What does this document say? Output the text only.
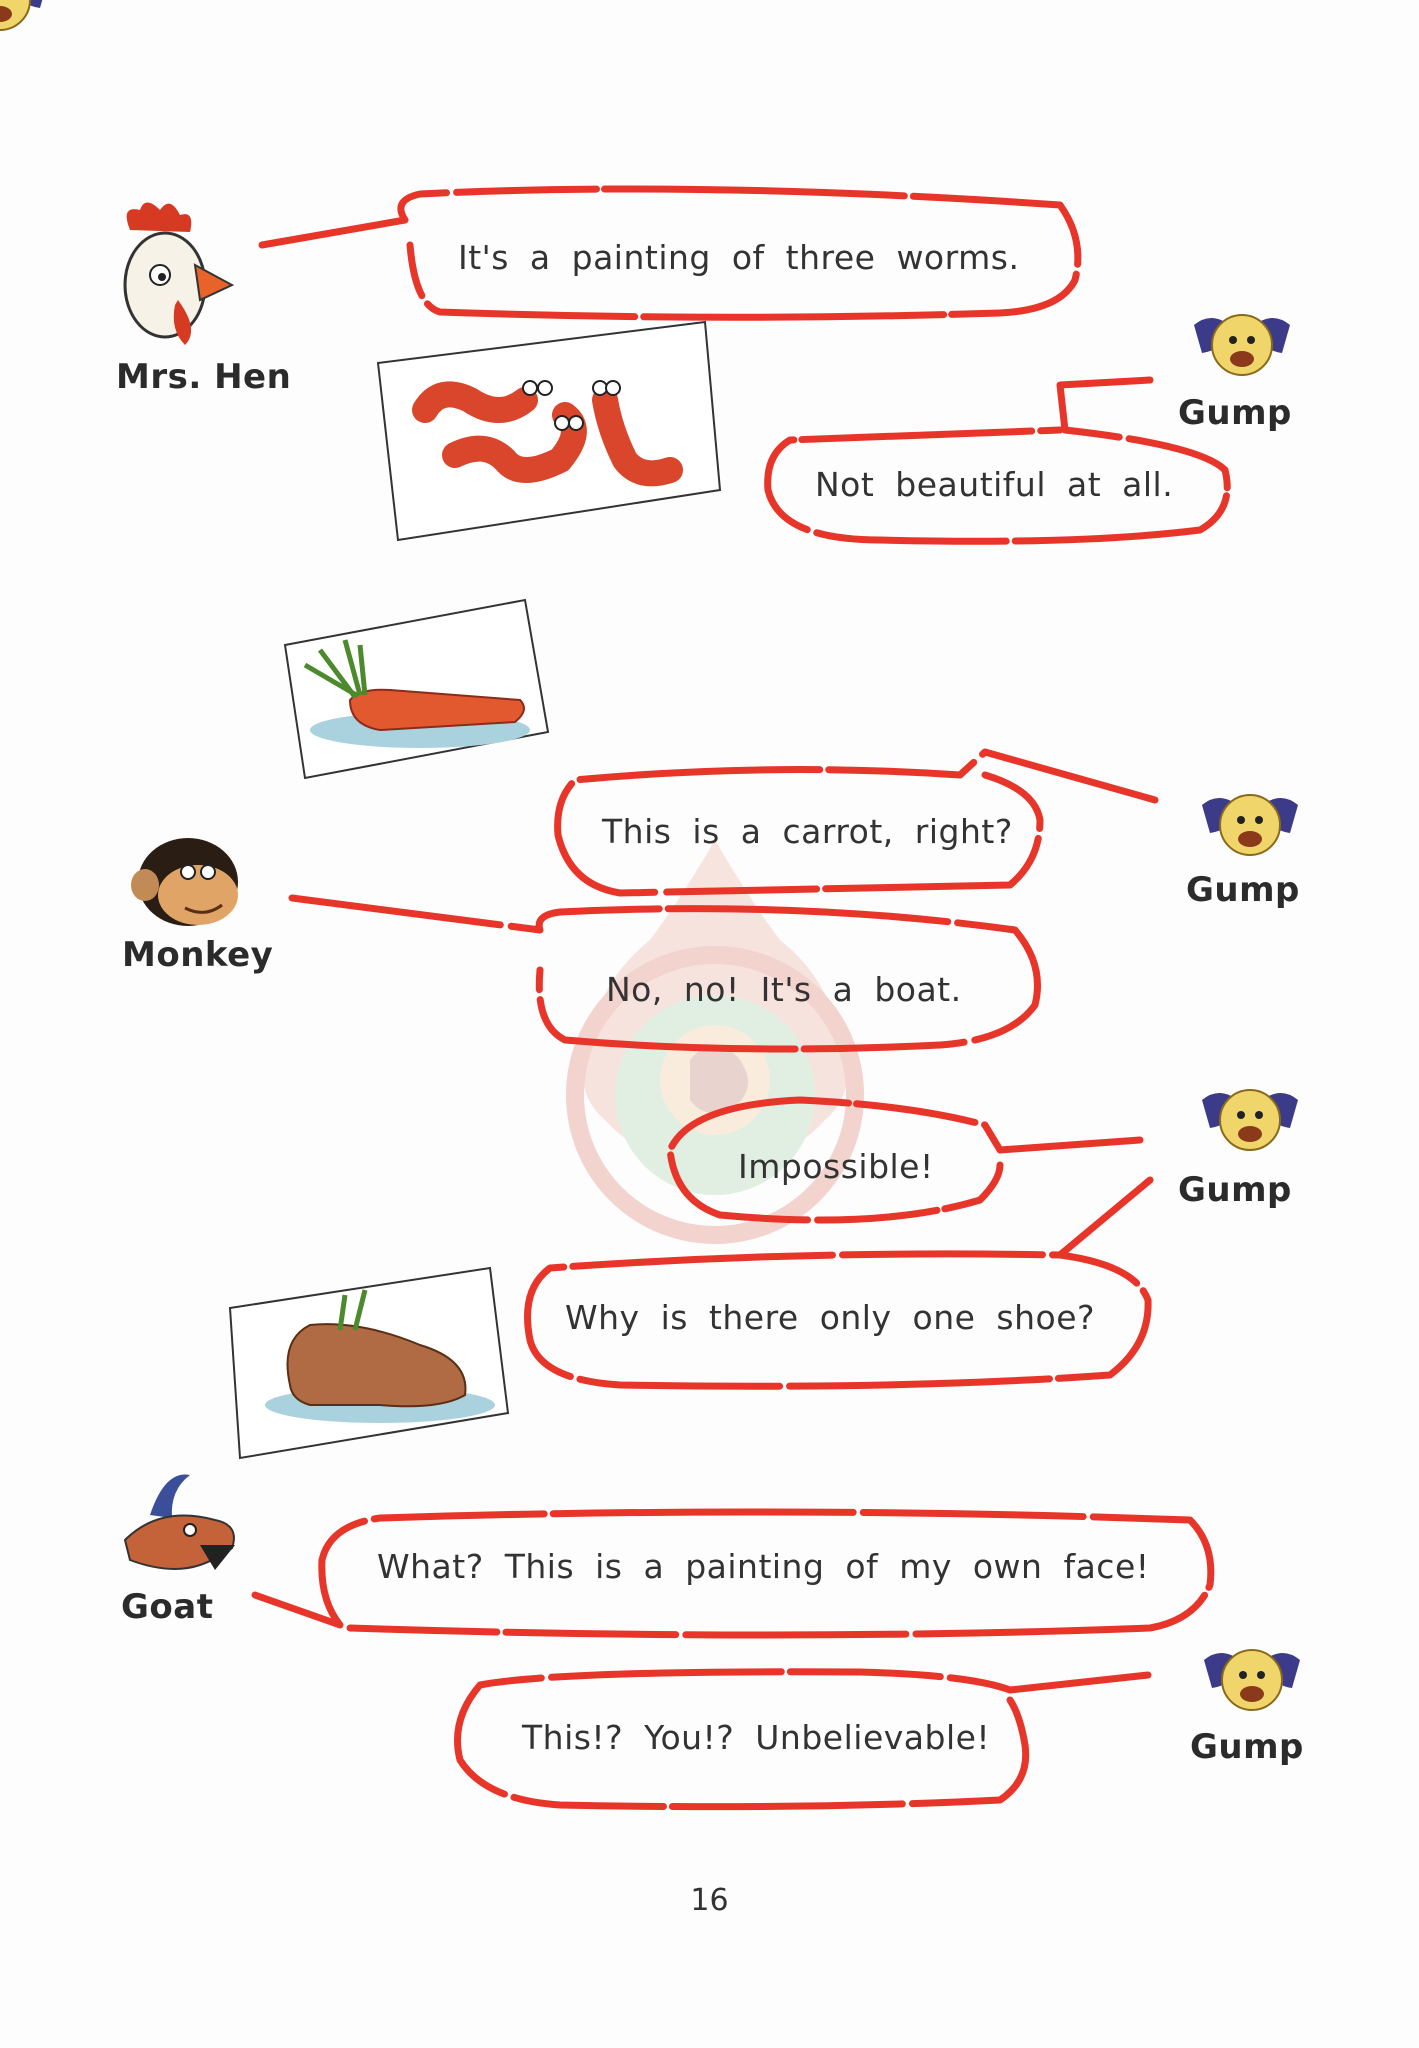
Mrs. Hen
Gump
Gump
Monkey
Gump
Goat
Gump
It's a painting of three worms.
Not beautiful at all.
This is a carrot, right?
No, no! It's a boat.
Impossible!
Why is there only one shoe?
What? This is a painting of my own face!
This!? You!? Unbelievable!
16
